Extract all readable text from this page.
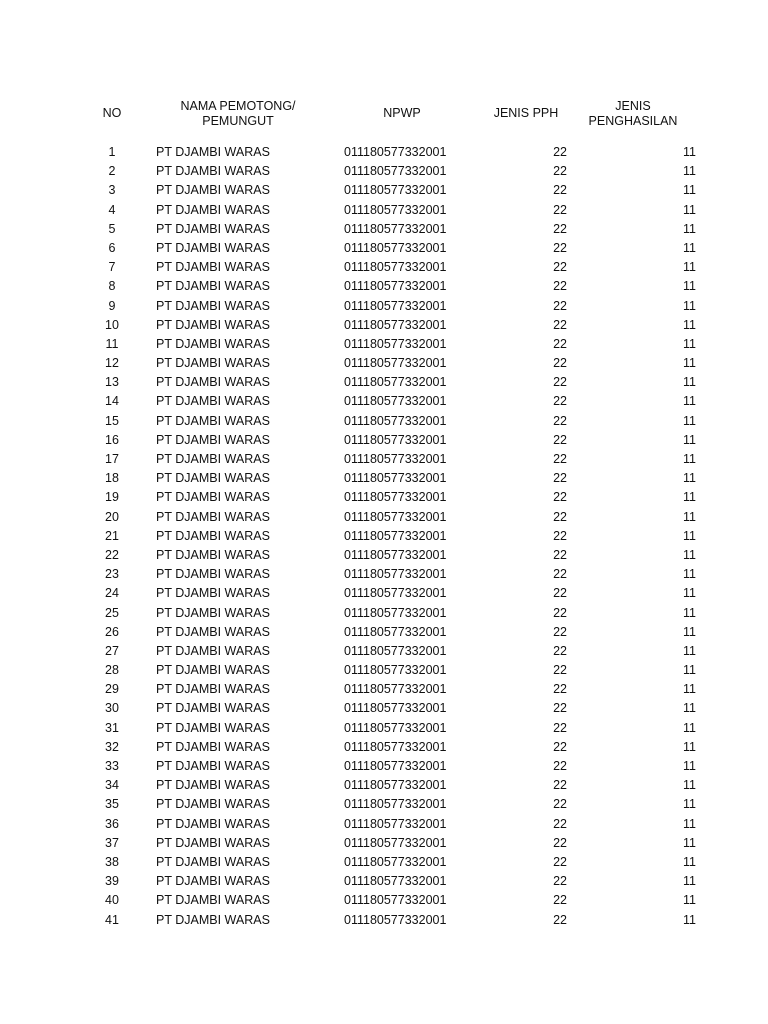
NO	NAMA PEMOTONG/
PEMUNGUT
NPWP	JENIS PPH	JENIS
PENGHASILAN
1	PT DJAMBI WARAS	011180577332001	22	11
2	PT DJAMBI WARAS	011180577332001	22	11
3	PT DJAMBI WARAS	011180577332001	22	11
4	PT DJAMBI WARAS	011180577332001	22	11
5	PT DJAMBI WARAS	011180577332001	22	11
6	PT DJAMBI WARAS	011180577332001	22	11
7	PT DJAMBI WARAS	011180577332001	22	11
8	PT DJAMBI WARAS	011180577332001	22	11
9	PT DJAMBI WARAS	011180577332001	22	11
10	PT DJAMBI WARAS	011180577332001	22	11
11	PT DJAMBI WARAS	011180577332001	22	11
12	PT DJAMBI WARAS	011180577332001	22	11
13	PT DJAMBI WARAS	011180577332001	22	11
14	PT DJAMBI WARAS	011180577332001	22	11
15	PT DJAMBI WARAS	011180577332001	22	11
16	PT DJAMBI WARAS	011180577332001	22	11
17	PT DJAMBI WARAS	011180577332001	22	11
18	PT DJAMBI WARAS	011180577332001	22	11
19	PT DJAMBI WARAS	011180577332001	22	11
20	PT DJAMBI WARAS	011180577332001	22	11
21	PT DJAMBI WARAS	011180577332001	22	11
22	PT DJAMBI WARAS	011180577332001	22	11
23	PT DJAMBI WARAS	011180577332001	22	11
24	PT DJAMBI WARAS	011180577332001	22	11
25	PT DJAMBI WARAS	011180577332001	22	11
26	PT DJAMBI WARAS	011180577332001	22	11
27	PT DJAMBI WARAS	011180577332001	22	11
28	PT DJAMBI WARAS	011180577332001	22	11
29	PT DJAMBI WARAS	011180577332001	22	11
30	PT DJAMBI WARAS	011180577332001	22	11
31	PT DJAMBI WARAS	011180577332001	22	11
32	PT DJAMBI WARAS	011180577332001	22	11
33	PT DJAMBI WARAS	011180577332001	22	11
34	PT DJAMBI WARAS	011180577332001	22	11
35	PT DJAMBI WARAS	011180577332001	22	11
36	PT DJAMBI WARAS	011180577332001	22	11
37	PT DJAMBI WARAS	011180577332001	22	11
38	PT DJAMBI WARAS	011180577332001	22	11
39	PT DJAMBI WARAS	011180577332001	22	11
40	PT DJAMBI WARAS	011180577332001	22	11
41	PT DJAMBI WARAS	011180577332001	22	11
